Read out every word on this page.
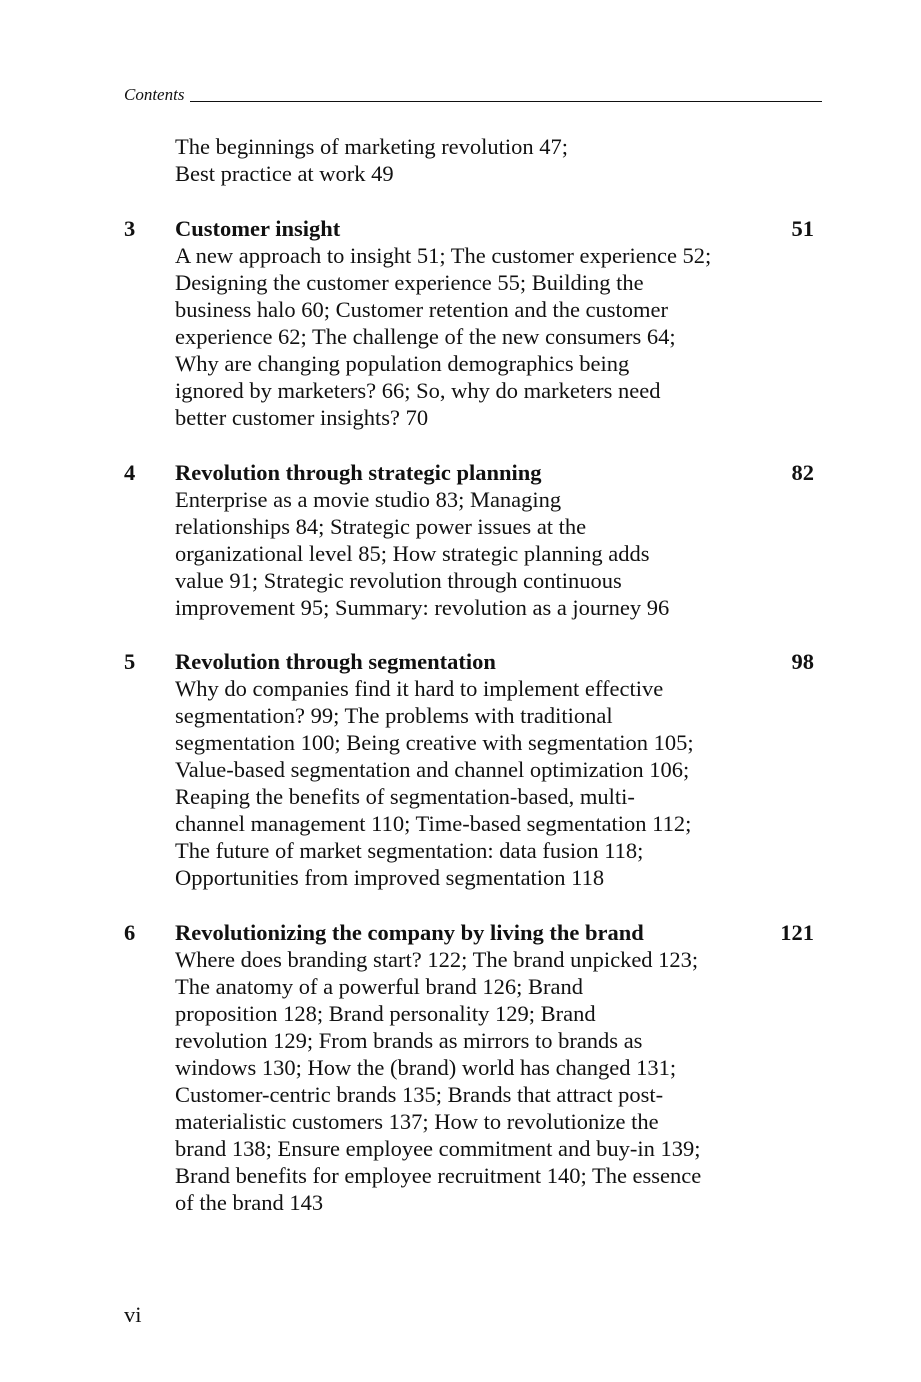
Contents
The beginnings of marketing revolution 47;
Best practice at work 49
3 Customer insight
A new approach to insight 51; The customer experience 52;
Designing the customer experience 55; Building the
business halo 60; Customer retention and the customer
experience 62; The challenge of the new consumers 64;
Why are changing population demographics being
ignored by marketers? 66; So, why do marketers need
better customer insights? 70
51
4 Revolution through strategic planning
Enterprise as a movie studio 83; Managing
relationships 84; Strategic power issues at the
organizational level 85; How strategic planning adds
value 91; Strategic revolution through continuous
improvement 95; Summary: revolution as a journey 96
82
5 Revolution through segmentation
Why do companies find it hard to implement effective
segmentation? 99; The problems with traditional
segmentation 100; Being creative with segmentation 105;
Value-based segmentation and channel optimization 106;
Reaping the benefits of segmentation-based, multi-
channel management 110; Time-based segmentation 112;
The future of market segmentation: data fusion 118;
Opportunities from improved segmentation 118
98
6 Revolutionizing the company by living the brand
Where does branding start? 122; The brand unpicked 123;
The anatomy of a powerful brand 126; Brand
proposition 128; Brand personality 129; Brand
revolution 129; From brands as mirrors to brands as
windows 130; How the (brand) world has changed 131;
Customer-centric brands 135; Brands that attract post-
materialistic customers 137; How to revolutionize the
brand 138; Ensure employee commitment and buy-in 139;
Brand benefits for employee recruitment 140; The essence
of the brand 143
121
vi
